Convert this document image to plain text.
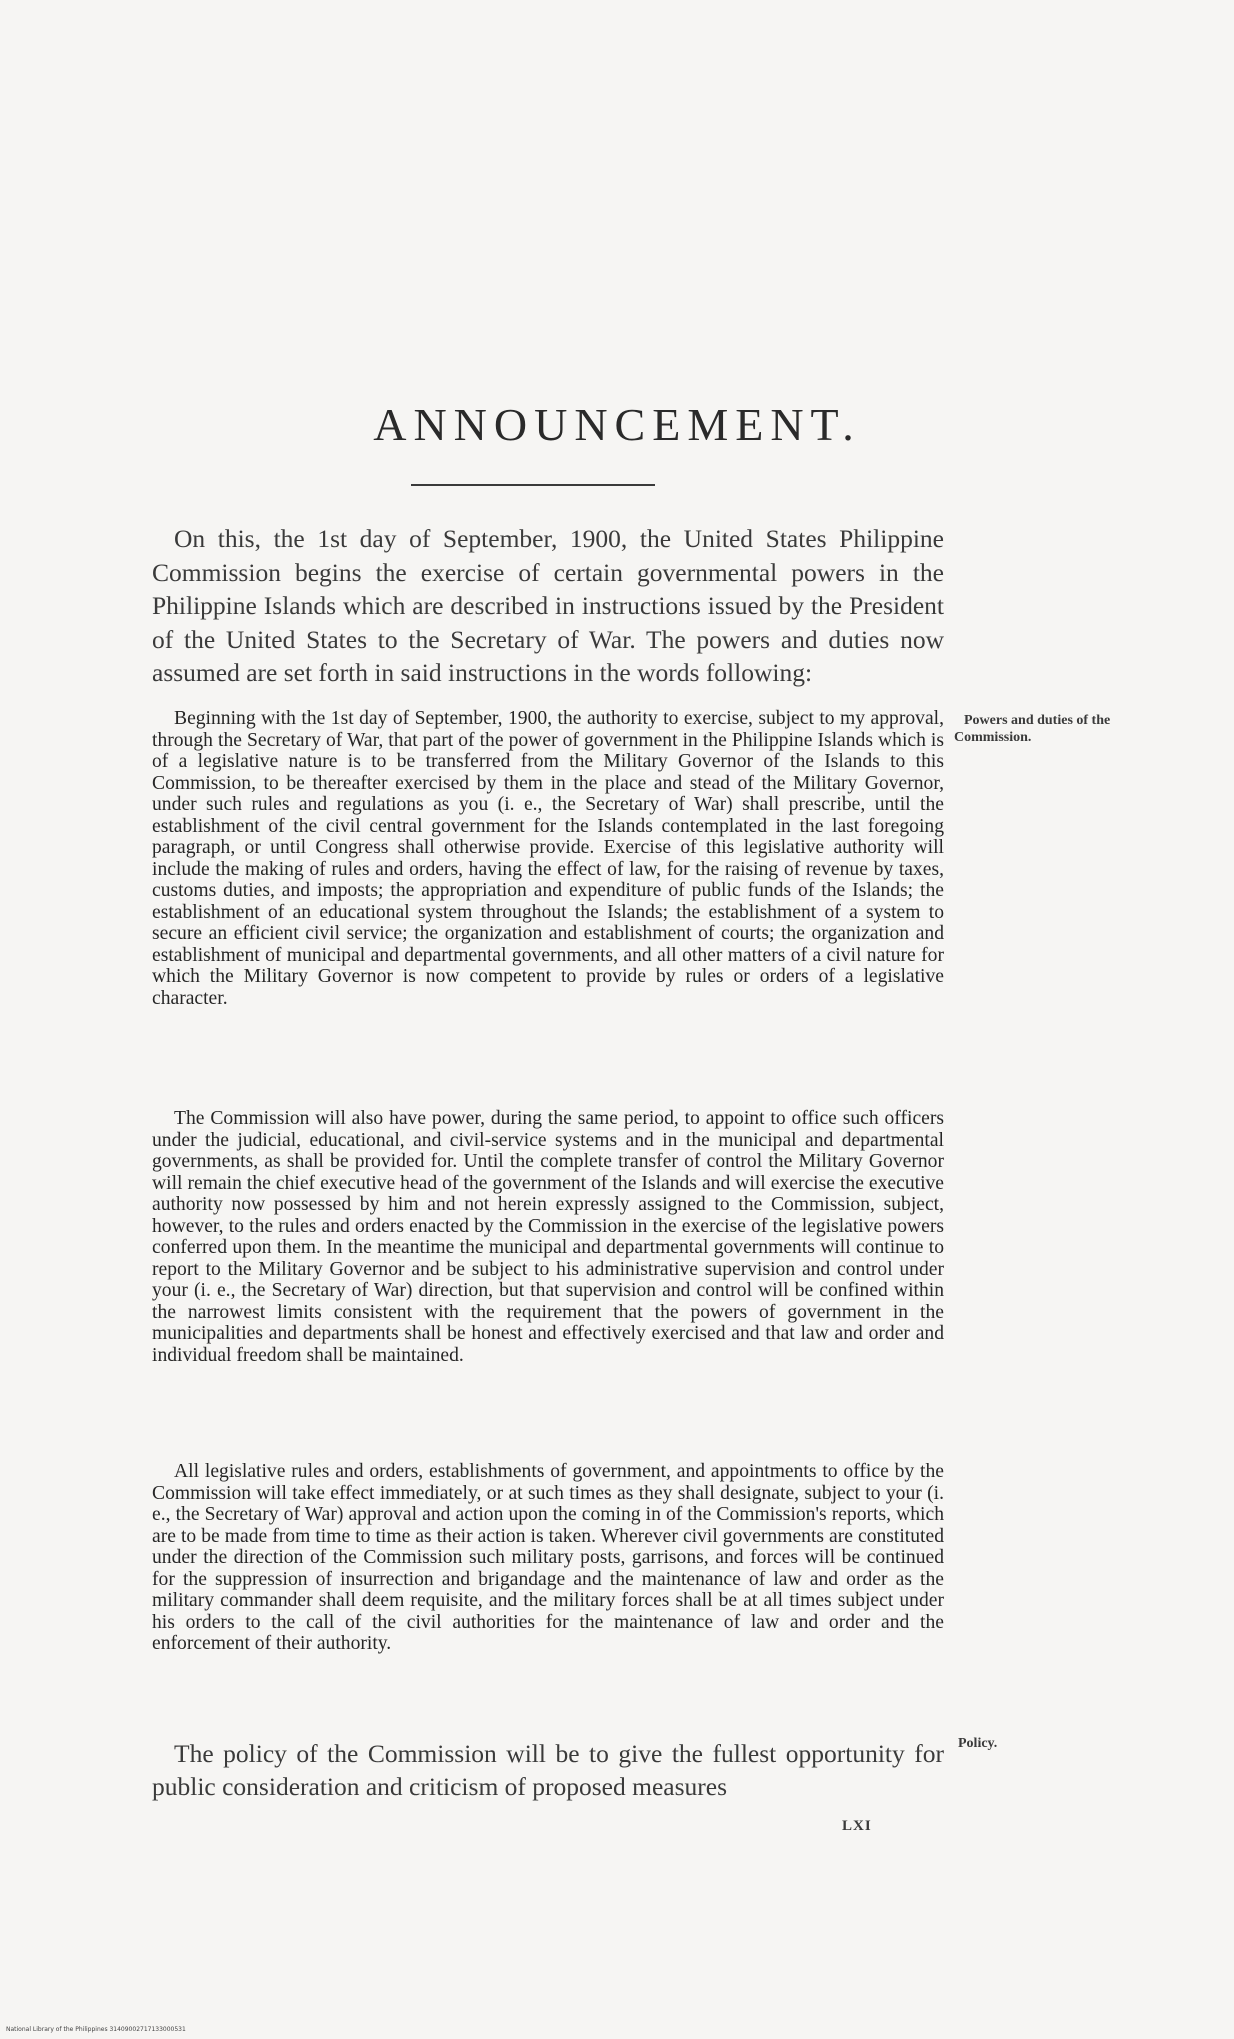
ANNOUNCEMENT.

On this, the 1st day of September, 1900, the United States Philippine Commission begins the exercise of certain governmental powers in the Philippine Islands which are described in instructions issued by the President of the United States to the Secretary of War. The powers and duties now assumed are set forth in said instructions in the words following:

Beginning with the 1st day of September, 1900, the authority to exercise, subject to my approval, through the Secretary of War, that part of the power of government in the Philippine Islands which is of a legislative nature is to be transferred from the Military Governor of the Islands to this Commission, to be thereafter exercised by them in the place and stead of the Military Governor, under such rules and regulations as you (i. e., the Secretary of War) shall prescribe, until the establishment of the civil central government for the Islands contemplated in the last foregoing paragraph, or until Congress shall otherwise provide. Exercise of this legislative authority will include the making of rules and orders, having the effect of law, for the raising of revenue by taxes, customs duties, and imposts; the appropriation and expenditure of public funds of the Islands; the establishment of an educational system throughout the Islands; the establishment of a system to secure an efficient civil service; the organization and establishment of courts; the organization and establishment of municipal and departmental governments, and all other matters of a civil nature for which the Military Governor is now competent to provide by rules or orders of a legislative character.

The Commission will also have power, during the same period, to appoint to office such officers under the judicial, educational, and civil-service systems and in the municipal and departmental governments, as shall be provided for. Until the complete transfer of control the Military Governor will remain the chief executive head of the government of the Islands and will exercise the executive authority now possessed by him and not herein expressly assigned to the Commission, subject, however, to the rules and orders enacted by the Commission in the exercise of the legislative powers conferred upon them. In the meantime the municipal and departmental governments will continue to report to the Military Governor and be subject to his administrative supervision and control under your (i. e., the Secretary of War) direction, but that supervision and control will be confined within the narrowest limits consistent with the requirement that the powers of government in the municipalities and departments shall be honest and effectively exercised and that law and order and individual freedom shall be maintained.

All legislative rules and orders, establishments of government, and appointments to office by the Commission will take effect immediately, or at such times as they shall designate, subject to your (i. e., the Secretary of War) approval and action upon the coming in of the Commission's reports, which are to be made from time to time as their action is taken. Wherever civil governments are constituted under the direction of the Commission such military posts, garrisons, and forces will be continued for the suppression of insurrection and brigandage and the maintenance of law and order as the military commander shall deem requisite, and the military forces shall be at all times subject under his orders to the call of the civil authorities for the maintenance of law and order and the enforcement of their authority.

The policy of the Commission will be to give the fullest opportunity for public consideration and criticism of proposed measures

Powers and duties of the Commission.
Policy.
LXI
National Library of the Philippines 31409002717133000531
